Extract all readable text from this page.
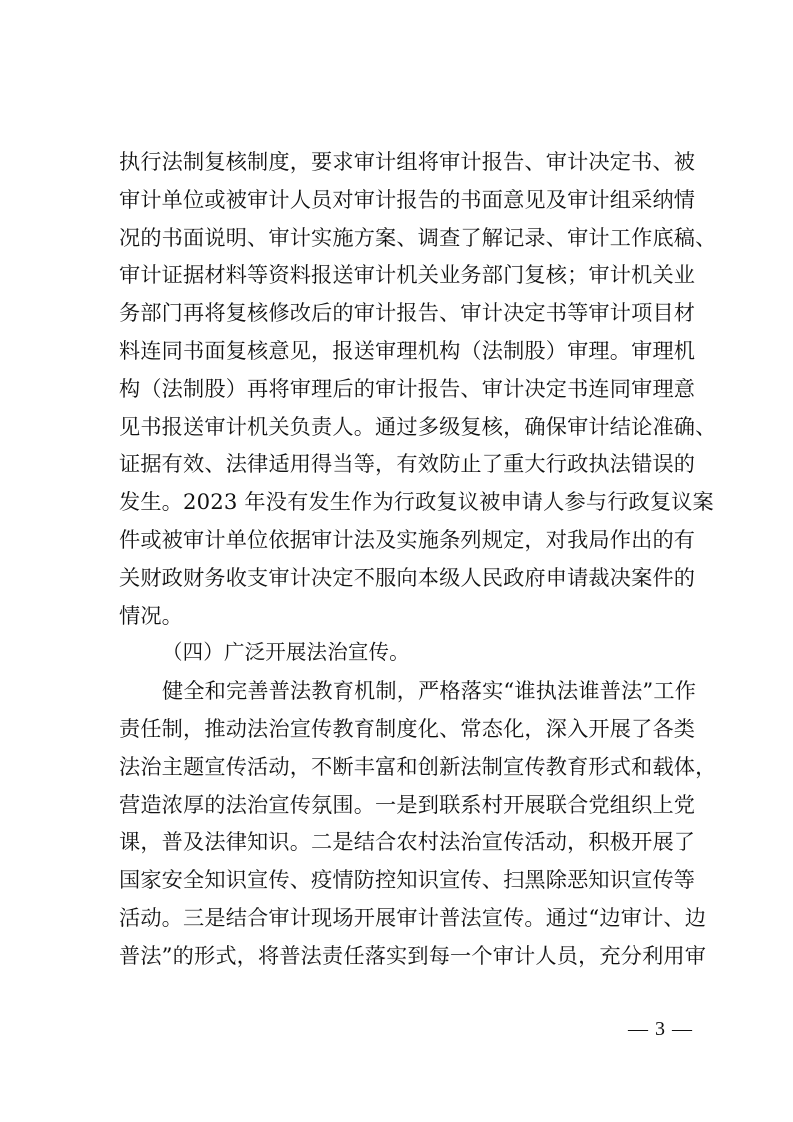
执行法制复核制度，要求审计组将审计报告、审计决定书、被
审计单位或被审计人员对审计报告的书面意见及审计组采纳情
况的书面说明、审计实施方案、调查了解记录、审计工作底稿、
审计证据材料等资料报送审计机关业务部门复核；审计机关业
务部门再将复核修改后的审计报告、审计决定书等审计项目材
料连同书面复核意见，报送审理机构（法制股）审理。审理机
构（法制股）再将审理后的审计报告、审计决定书连同审理意
见书报送审计机关负责人。通过多级复核，确保审计结论准确、
证据有效、法律适用得当等，有效防止了重大行政执法错误的
发生。2023 年没有发生作为行政复议被申请人参与行政复议案
件或被审计单位依据审计法及实施条列规定，对我局作出的有
关财政财务收支审计决定不服向本级人民政府申请裁决案件的
情况。
（四）广泛开展法治宣传。
健全和完善普法教育机制，严格落实“谁执法谁普法”工作
责任制，推动法治宣传教育制度化、常态化，深入开展了各类
法治主题宣传活动，不断丰富和创新法制宣传教育形式和载体，
营造浓厚的法治宣传氛围。一是到联系村开展联合党组织上党
课，普及法律知识。二是结合农村法治宣传活动，积极开展了
国家安全知识宣传、疫情防控知识宣传、扫黑除恶知识宣传等
活动。三是结合审计现场开展审计普法宣传。通过“边审计、边
普法”的形式，将普法责任落实到每一个审计人员，充分利用审
— 3 —
